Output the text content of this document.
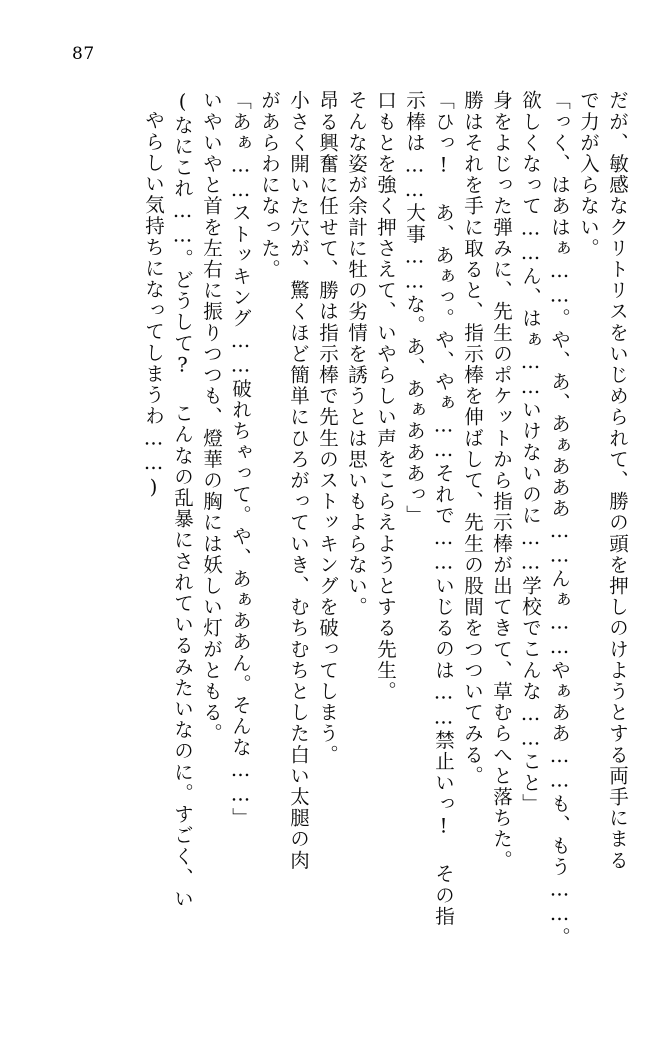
87
だが、敏感なクリトリスをいじめられて、勝の頭を押しのけようとする両手にまる
で力が入らない。
「っく、はあはぁ……。や、あ、あぁあああ……んぁ……やぁああ……も、もう……。
欲しくなって……ん、はぁ……いけないのに……学校でこんな……こと」
身をよじった弾みに、先生のポケットから指示棒が出てきて、草むらへと落ちた。
勝はそれを手に取ると、指示棒を伸ばして、先生の股間をつついてみる。
「ひっ! あ、あぁっ。や、やぁ……それで……いじるのは……禁止いっ! その指
示棒は……大事……な。あ、あぁあああっ」
口もとを強く押さえて、いやらしい声をこらえようとする先生。
そんな姿が余計に牡の劣情を誘うとは思いもよらない。
昂る興奮に任せて、勝は指示棒で先生のストッキングを破ってしまう。
小さく開いた穴が、驚くほど簡単にひろがっていき、むちむちとした白い太腿の肉
があらわになった。
「あぁ……ストッキング……破れちゃって。や、あぁああん。そんな……」
いやいやと首を左右に振りつつも、燈華の胸には妖しい灯がともる。
(なにこれ……。どうして? こんなの乱暴にされているみたいなのに。すごく、い
やらしい気持ちになってしまうわ……)
